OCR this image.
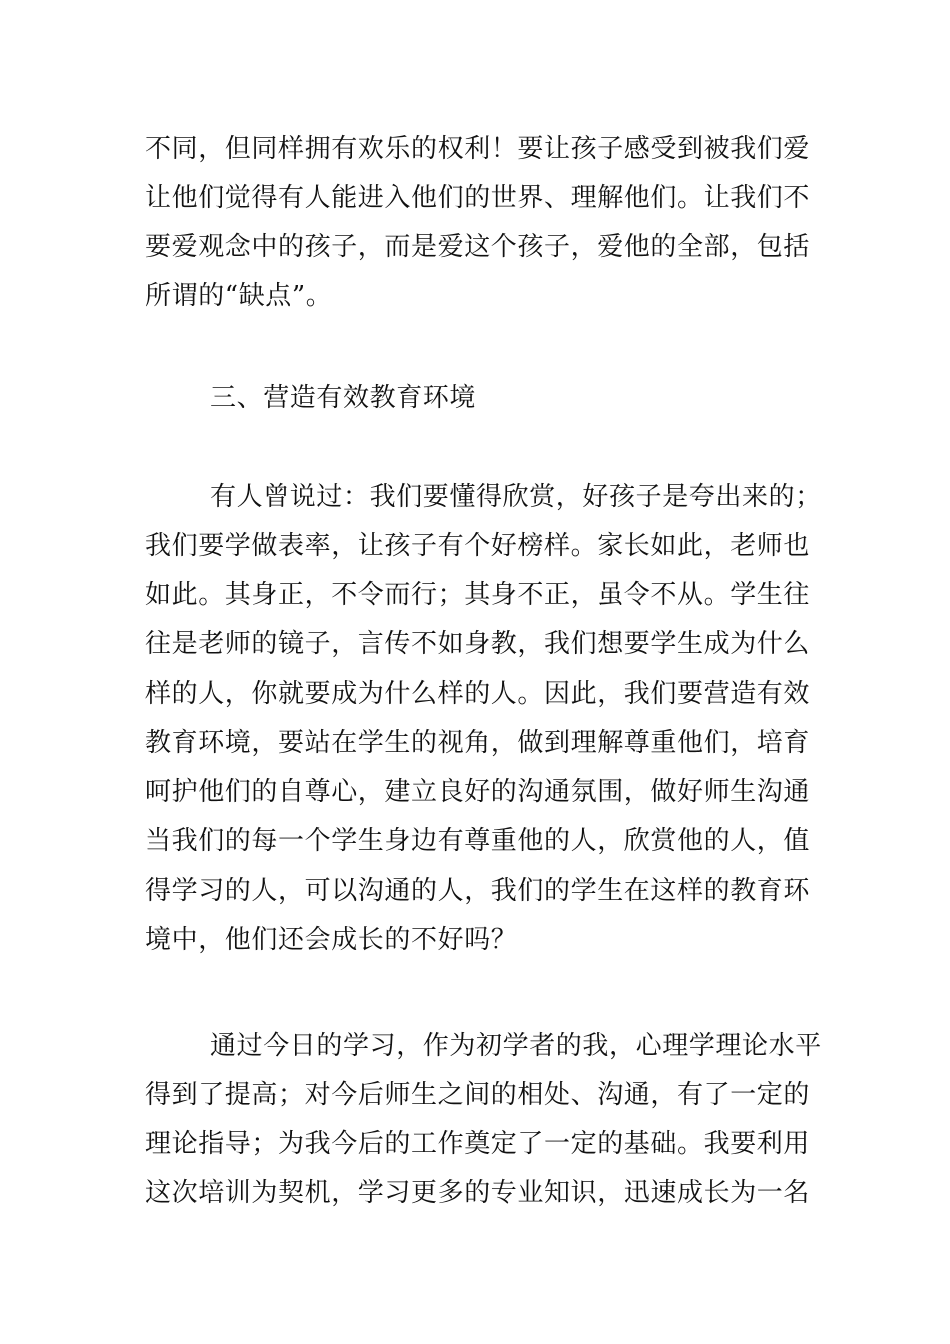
不同，但同样拥有欢乐的权利！要让孩子感受到被我们爱
让他们觉得有人能进入他们的世界、理解他们。让我们不
要爱观念中的孩子，而是爱这个孩子，爱他的全部，包括
所谓的“缺点”。
三、营造有效教育环境
有人曾说过：我们要懂得欣赏，好孩子是夸出来的；
我们要学做表率，让孩子有个好榜样。家长如此，老师也
如此。其身正，不令而行；其身不正，虽令不从。学生往
往是老师的镜子，言传不如身教，我们想要学生成为什么
样的人，你就要成为什么样的人。因此，我们要营造有效
教育环境，要站在学生的视角，做到理解尊重他们，培育
呵护他们的自尊心，建立良好的沟通氛围，做好师生沟通
当我们的每一个学生身边有尊重他的人，欣赏他的人，值
得学习的人，可以沟通的人，我们的学生在这样的教育环
境中，他们还会成长的不好吗？
通过今日的学习，作为初学者的我，心理学理论水平
得到了提高；对今后师生之间的相处、沟通，有了一定的
理论指导；为我今后的工作奠定了一定的基础。我要利用
这次培训为契机，学习更多的专业知识，迅速成长为一名
